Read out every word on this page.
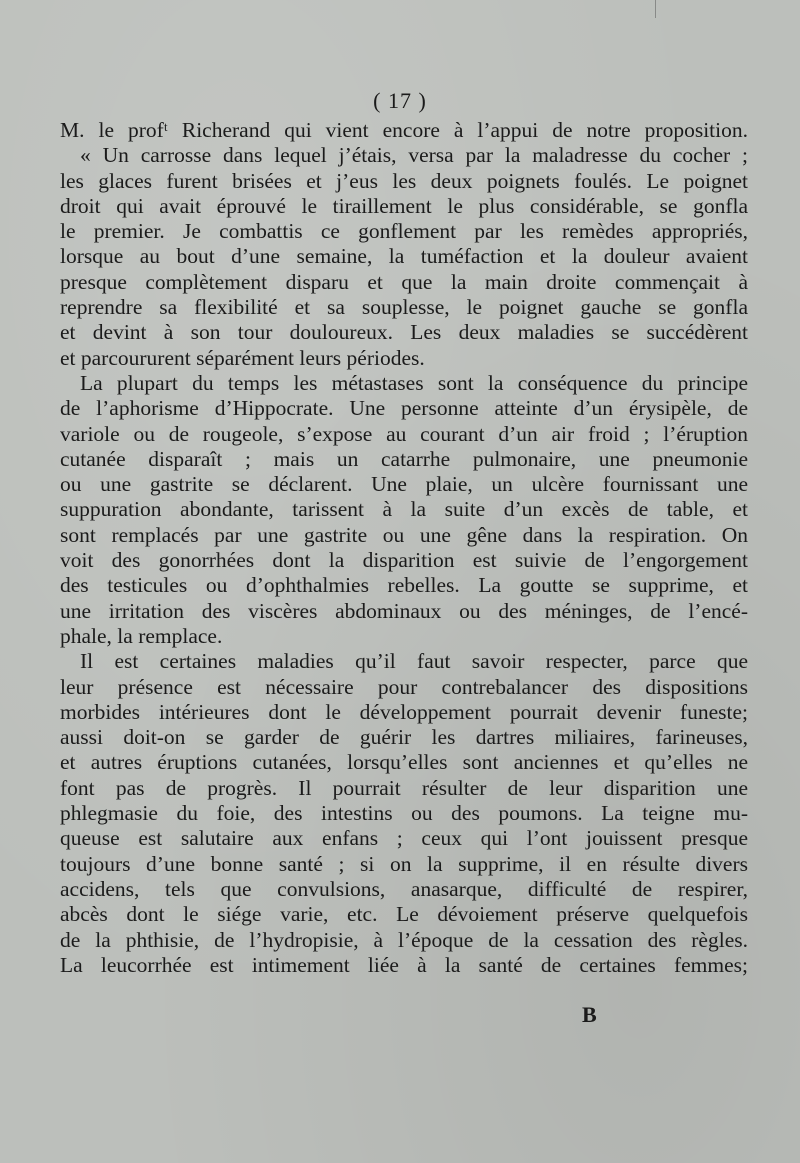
( 17 )
M. le profᵗ Richerand qui vient encore à l’appui de notre proposition.
« Un carrosse dans lequel j’étais, versa par la maladresse du cocher ;
les glaces furent brisées et j’eus les deux poignets foulés. Le poignet
droit qui avait éprouvé le tiraillement le plus considérable, se gonfla
le premier. Je combattis ce gonflement par les remèdes appropriés,
lorsque au bout d’une semaine, la tuméfaction et la douleur avaient
presque complètement disparu et que la main droite commençait à
reprendre sa flexibilité et sa souplesse, le poignet gauche se gonfla
et devint à son tour douloureux. Les deux maladies se succédèrent
et parcoururent séparément leurs périodes.
La plupart du temps les métastases sont la conséquence du principe
de l’aphorisme d’Hippocrate. Une personne atteinte d’un érysipèle, de
variole ou de rougeole, s’expose au courant d’un air froid ; l’éruption
cutanée disparaît ; mais un catarrhe pulmonaire, une pneumonie
ou une gastrite se déclarent. Une plaie, un ulcère fournissant une
suppuration abondante, tarissent à la suite d’un excès de table, et
sont remplacés par une gastrite ou une gêne dans la respiration. On
voit des gonorrhées dont la disparition est suivie de l’engorgement
des testicules ou d’ophthalmies rebelles. La goutte se supprime, et
une irritation des viscères abdominaux ou des méninges, de l’encé-
phale, la remplace.
Il est certaines maladies qu’il faut savoir respecter, parce que
leur présence est nécessaire pour contrebalancer des dispositions
morbides intérieures dont le développement pourrait devenir funeste;
aussi doit-on se garder de guérir les dartres miliaires, farineuses,
et autres éruptions cutanées, lorsqu’elles sont anciennes et qu’elles ne
font pas de progrès. Il pourrait résulter de leur disparition une
phlegmasie du foie, des intestins ou des poumons. La teigne mu-
queuse est salutaire aux enfans ; ceux qui l’ont jouissent presque
toujours d’une bonne santé ; si on la supprime, il en résulte divers
accidens, tels que convulsions, anasarque, difficulté de respirer,
abcès dont le siége varie, etc. Le dévoiement préserve quelquefois
de la phthisie, de l’hydropisie, à l’époque de la cessation des règles.
La leucorrhée est intimement liée à la santé de certaines femmes;
B
